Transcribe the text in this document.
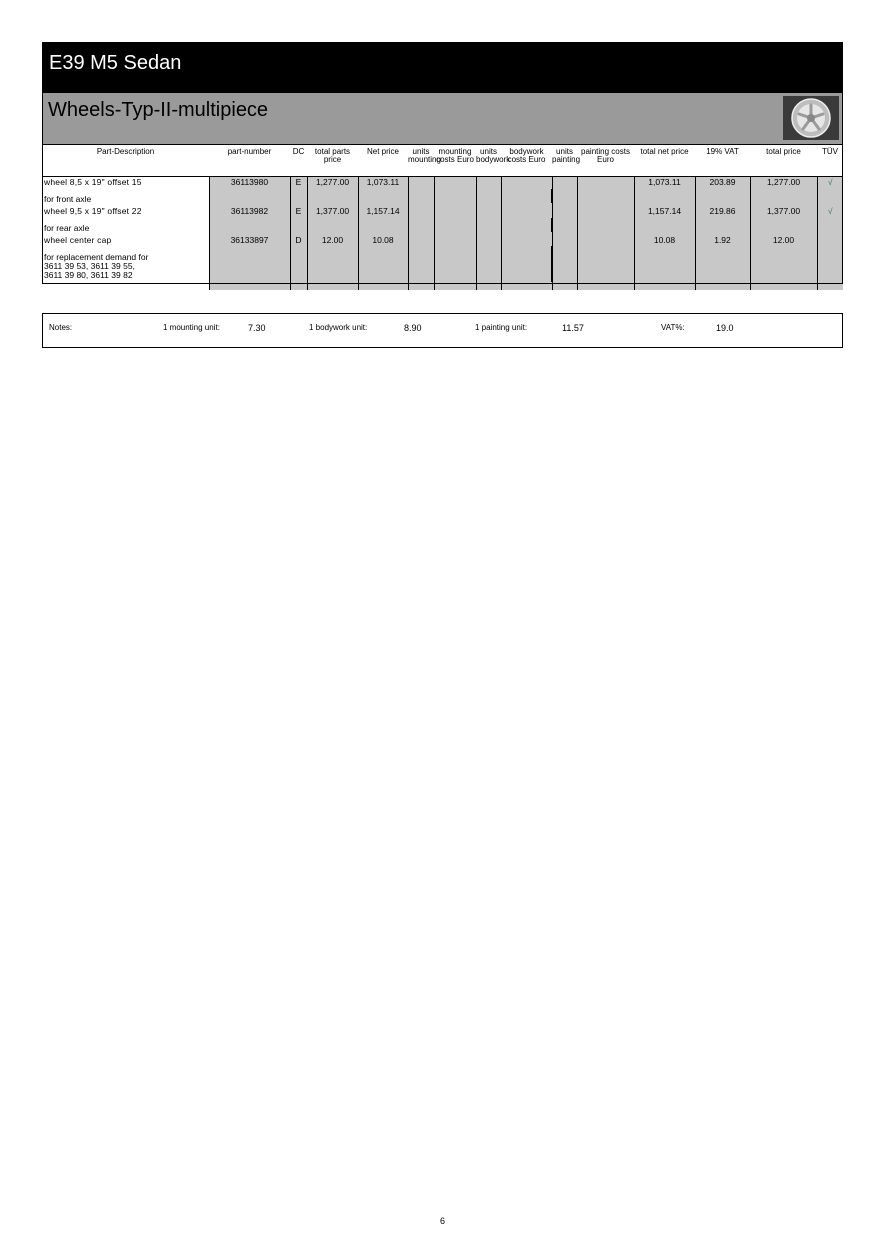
E39 M5 Sedan
Wheels-Typ-II-multipiece
Part-Description	part-number	DC	total parts price	Net price	units mounting	mounting costs Euro	units bodywork	bodywork costs Euro	units painting	painting costs Euro	total net price	19% VAT	total price	TÜV
wheel 8,5 x 19" offset 15	36113980	E	1,277.00	1,073.11							1,073.11	203.89	1,277.00	√
for front axle														
wheel 9,5 x 19" offset 22	36113982	E	1,377.00	1,157.14							1,157.14	219.86	1,377.00	√
for rear axle														
wheel center cap	36133897	D	12.00	10.08							10.08	1.92	12.00	

for replacement demand for
3611 39 53, 3611 39 55,
3611 39 80, 3611 39 82														
Notes:	1 mounting unit:	7.30	1 bodywork unit:	8.90	1 painting unit:	11.57	VAT%:	19.0
6
